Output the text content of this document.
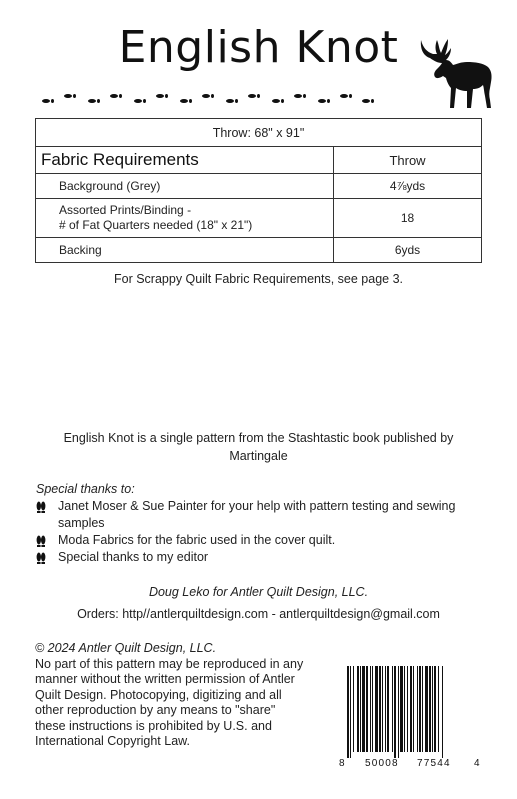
English Knot
Throw: 68" x 91"	
Fabric Requirements	Throw
Background (Grey)	4⅞yds

Assorted Prints/Binding -
# of Fat Quarters needed (18" x 21")	18
Backing	6yds
For Scrappy Quilt Fabric Requirements, see page 3.
English Knot is a single pattern from the Stashtastic book published by Martingale
Special thanks to:
Janet Moser & Sue Painter for your help with pattern testing and sewing samples
Moda Fabrics for the fabric used in the cover quilt.
Special thanks to my editor
Doug Leko for Antler Quilt Design, LLC.
Orders: http//antlerquiltdesign.com - antlerquiltdesign@gmail.com
© 2024 Antler Quilt Design, LLC.
No part of this pattern may be reproduced in any manner without the written permission of Antler Quilt Design. Photocopying, digitizing and all other reproduction by any means to "share" these instructions is prohibited by U.S. and International Copyright Law.
8 50008 77544 4
